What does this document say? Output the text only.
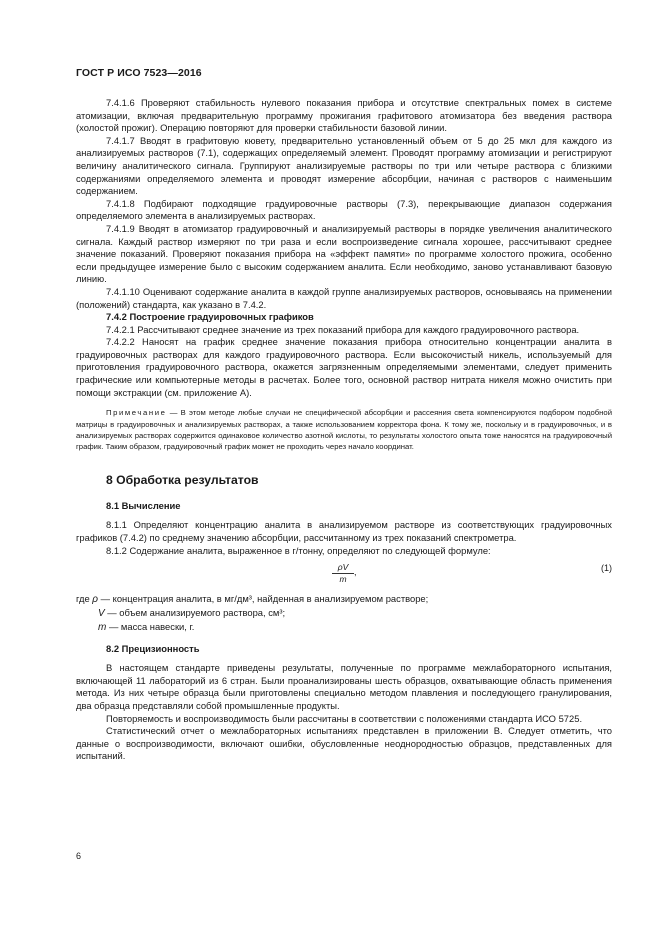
ГОСТ Р ИСО 7523—2016

7.4.1.6 Проверяют стабильность нулевого показания прибора и отсутствие спектральных помех в системе атомизации, включая предварительную программу прожигания графитового атомизатора без введения раствора (холостой прожиг). Операцию повторяют для проверки стабильности базовой линии.

7.4.1.7 Вводят в графитовую кювету, предварительно установленный объем от 5 до 25 мкл для каждого из анализируемых растворов (7.1), содержащих определяемый элемент. Проводят программу атомизации и регистрируют величину аналитического сигнала. Группируют анализируемые растворы по три или четыре раствора с близкими содержаниями определяемого элемента и проводят измерение абсорбции, начиная с растворов с наименьшим содержанием.

7.4.1.8 Подбирают подходящие градуировочные растворы (7.3), перекрывающие диапазон содержания определяемого элемента в анализируемых растворах.

7.4.1.9 Вводят в атомизатор градуировочный и анализируемый растворы в порядке увеличения аналитического сигнала. Каждый раствор измеряют по три раза и если воспроизведение сигнала хорошее, рассчитывают среднее значение показаний. Проверяют показания прибора на «эффект памяти» по программе холостого прожига, особенно если предыдущее измерение было с высоким содержанием аналита. Если необходимо, заново устанавливают базовую линию.

7.4.1.10 Оценивают содержание аналита в каждой группе анализируемых растворов, основываясь на применении (положений) стандарта, как указано в 7.4.2.

7.4.2 Построение градуировочных графиков

7.4.2.1 Рассчитывают среднее значение из трех показаний прибора для каждого градуировочного раствора.

7.4.2.2 Наносят на график среднее значение показания прибора относительно концентрации аналита в градуировочных растворах для каждого градуировочного раствора. Если высокочистый никель, используемый для приготовления градуировочного раствора, окажется загрязненным определяемыми элементами, следует применить графические или компьютерные методы в расчетах. Более того, основной раствор нитрата никеля можно очистить при помощи экстракции (см. приложение А).

Примечание — В этом методе любые случаи не специфической абсорбции и рассеяния света компенсируются подбором подобной матрицы в градуировочных и анализируемых растворах, а также использованием корректора фона. К тому же, поскольку и в градуировочных, и в анализируемых растворах содержится одинаковое количество азотной кислоты, то результаты холостого опыта тоже наносятся на градуировочный график. Таким образом, градуировочный график может не проходить через начало координат.

8 Обработка результатов
8.1 Вычисление

8.1.1 Определяют концентрацию аналита в анализируемом растворе из соответствующих градуировочных графиков (7.4.2) по среднему значению абсорбции, рассчитанному из трех показаний спектрометра.

8.1.2 Содержание аналита, выраженное в г/тонну, определяют по следующей формуле:

$\frac{\rho V}{m}$ ,	(1)
где ρ — концентрация аналита, в мг/дм³, найденная в анализируемом растворе;
V — объем анализируемого раствора, см³;
m — масса навески, г.
8.2 Прецизионность

В настоящем стандарте приведены результаты, полученные по программе межлабораторного испытания, включающей 11 лабораторий из 6 стран. Были проанализированы шесть образцов, охватывающие область применения метода. Из них четыре образца были приготовлены специально методом плавления и последующего гранулирования, два образца представляли собой промышленные продукты.

Повторяемость и воспроизводимость были рассчитаны в соответствии с положениями стандарта ИСО 5725.

Статистический отчет о межлабораторных испытаниях представлен в приложении В. Следует отметить, что данные о воспроизводимости, включают ошибки, обусловленные неоднородностью образцов, представленных для испытаний.

6
